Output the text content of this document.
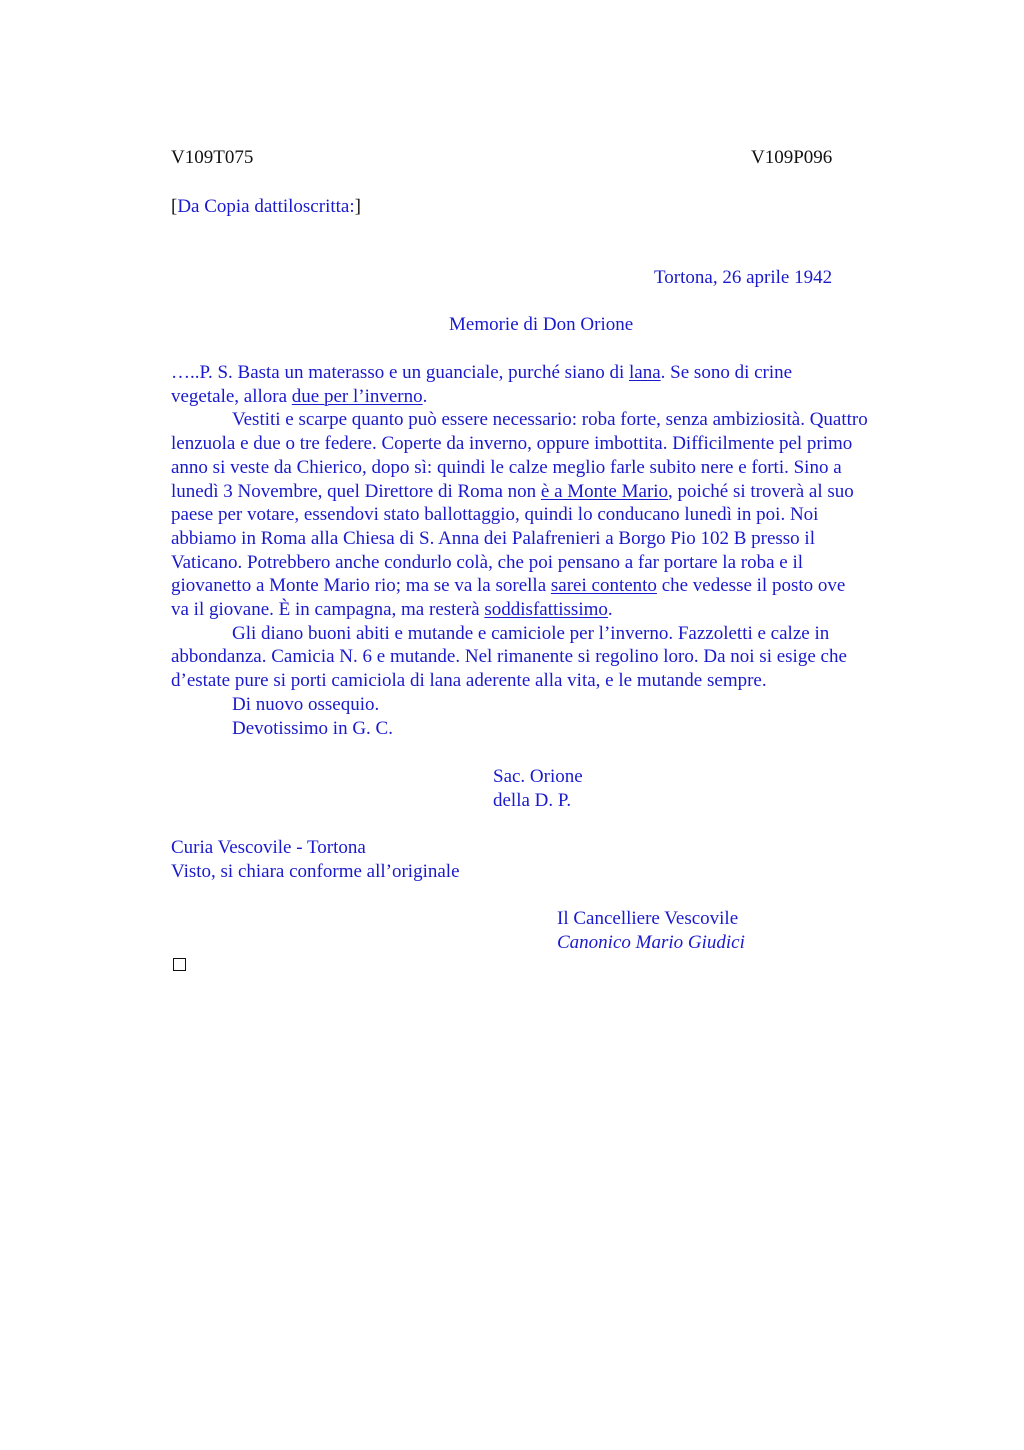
V109T075	V109P096
[Da Copia dattiloscritta:]
Tortona, 26 aprile 1942
Memorie di Don Orione
…..P. S. Basta un materasso e un guanciale, purché siano di lana. Se sono di crine
vegetale, allora due per l’inverno.
Vestiti e scarpe quanto può essere necessario: roba forte, senza ambiziosità. Quattro
lenzuola e due o tre federe. Coperte da inverno, oppure imbottita. Difficilmente pel primo
anno si veste da Chierico, dopo sì: quindi le calze meglio farle subito nere e forti. Sino a
lunedì 3 Novembre, quel Direttore di Roma non è a Monte Mario, poiché si troverà al suo
paese per votare, essendovi stato ballottaggio, quindi lo conducano lunedì in poi. Noi
abbiamo in Roma alla Chiesa di S. Anna dei Palafrenieri a Borgo Pio 102 B presso il
Vaticano. Potrebbero anche condurlo colà, che poi pensano a far portare la roba e il
giovanetto a Monte Mario rio; ma se va la sorella sarei contento che vedesse il posto ove
va il giovane. È in campagna, ma resterà soddisfattissimo.
Gli diano buoni abiti e mutande e camiciole per l’inverno. Fazzoletti e calze in
abbondanza. Camicia N. 6 e mutande. Nel rimanente si regolino loro. Da noi si esige che
d’estate pure si porti camiciola di lana aderente alla vita, e le mutande sempre.
Di nuovo ossequio.
Devotissimo in G. C.
Sac. Orione
della D. P.
Curia Vescovile - Tortona
Visto, si chiara conforme all’originale
Il Cancelliere Vescovile
Canonico Mario Giudici
